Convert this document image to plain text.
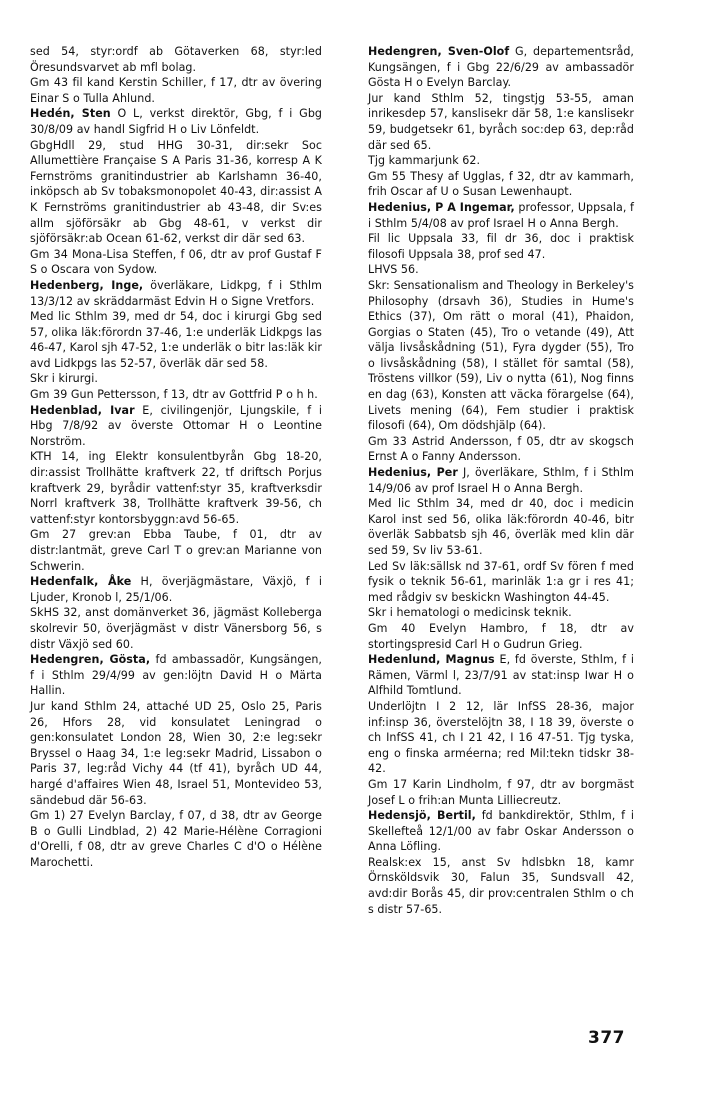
sed 54, styr:ordf ab Götaverken 68, styr:led Öresundsvarvet ab mfl bolag.

Gm 43 fil kand Kerstin Schiller, f 17, dtr av övering Einar S o Tulla Ahlund.

Hedén, Sten O L, verkst direktör, Gbg, f i Gbg 30/8/09 av handl Sigfrid H o Liv Lönfeldt.

GbgHdll 29, stud HHG 30-31, dir:sekr Soc Allumettière Française S A Paris 31-36, korresp A K Fernströms granitindustrier ab Karlshamn 36-40, inköpsch ab Sv tobaksmonopolet 40-43, dir:assist A K Fernströms granitindustrier ab 43-48, dir Sv:es allm sjöförsäkr ab Gbg 48-61, v verkst dir sjöförsäkr:ab Ocean 61-62, verkst dir där sed 63.

Gm 34 Mona-Lisa Steffen, f 06, dtr av prof Gustaf F S o Oscara von Sydow.

Hedenberg, Inge, överläkare, Lidkpg, f i Sthlm 13/3/12 av skräddarmäst Edvin H o Signe Vretfors.

Med lic Sthlm 39, med dr 54, doc i kirurgi Gbg sed 57, olika läk:förordn 37-46, 1:e underläk Lidkpgs las 46-47, Karol sjh 47-52, 1:e underläk o bitr las:läk kir avd Lidkpgs las 52-57, överläk där sed 58.

Skr i kirurgi.

Gm 39 Gun Pettersson, f 13, dtr av Gottfrid P o h h.

Hedenblad, Ivar E, civilingenjör, Ljungskile, f i Hbg 7/8/92 av överste Ottomar H o Leontine Norström.

KTH 14, ing Elektr konsulentbyrån Gbg 18-20, dir:assist Trollhätte kraftverk 22, tf driftsch Porjus kraftverk 29, byrådir vattenf:styr 35, kraftverksdir Norrl kraftverk 38, Trollhätte kraftverk 39-56, ch vattenf:styr kontorsbyggn:avd 56-65.

Gm 27 grev:an Ebba Taube, f 01, dtr av distr:lantmät, greve Carl T o grev:an Marianne von Schwerin.

Hedenfalk, Åke H, överjägmästare, Växjö, f i Ljuder, Kronob l, 25/1/06.

SkHS 32, anst domänverket 36, jägmäst Kolleberga skolrevir 50, överjägmäst v distr Vänersborg 56, s distr Växjö sed 60.

Hedengren, Gösta, fd ambassadör, Kungsängen, f i Sthlm 29/4/99 av gen:löjtn David H o Märta Hallin.

Jur kand Sthlm 24, attaché UD 25, Oslo 25, Paris 26, Hfors 28, vid konsulatet Leningrad o gen:konsulatet London 28, Wien 30, 2:e leg:sekr Bryssel o Haag 34, 1:e leg:sekr Madrid, Lissabon o Paris 37, leg:råd Vichy 44 (tf 41), byråch UD 44, hargé d'affaires Wien 48, Israel 51, Montevideo 53, sändebud där 56-63.

Gm 1) 27 Evelyn Barclay, f 07, d 38, dtr av George B o Gulli Lindblad, 2) 42 Marie-Hélène Corragioni d'Orelli, f 08, dtr av greve Charles C d'O o Hélène Marochetti.

Hedengren, Sven-Olof G, departementsråd, Kungsängen, f i Gbg 22/6/29 av ambassadör Gösta H o Evelyn Barclay.

Jur kand Sthlm 52, tingstjg 53-55, aman inrikesdep 57, kanslisekr där 58, 1:e kanslisekr 59, budgetsekr 61, byråch soc:dep 63, dep:råd där sed 65.

Tjg kammarjunk 62.

Gm 55 Thesy af Ugglas, f 32, dtr av kammarh, frih Oscar af U o Susan Lewenhaupt.

Hedenius, P A Ingemar, professor, Uppsala, f i Sthlm 5/4/08 av prof Israel H o Anna Bergh.

Fil lic Uppsala 33, fil dr 36, doc i praktisk filosofi Uppsala 38, prof sed 47.

LHVS 56.

Skr: Sensationalism and Theology in Berkeley's Philosophy (drsavh 36), Studies in Hume's Ethics (37), Om rätt o moral (41), Phaidon, Gorgias o Staten (45), Tro o vetande (49), Att välja livsåskådning (51), Fyra dygder (55), Tro o livsåskådning (58), I stället för samtal (58), Tröstens villkor (59), Liv o nytta (61), Nog finns en dag (63), Konsten att väcka förargelse (64), Livets mening (64), Fem studier i praktisk filosofi (64), Om dödshjälp (64).

Gm 33 Astrid Andersson, f 05, dtr av skogsch Ernst A o Fanny Andersson.

Hedenius, Per J, överläkare, Sthlm, f i Sthlm 14/9/06 av prof Israel H o Anna Bergh.

Med lic Sthlm 34, med dr 40, doc i medicin Karol inst sed 56, olika läk:förordn 40-46, bitr överläk Sabbatsb sjh 46, överläk med klin där sed 59, Sv liv 53-61.

Led Sv läk:sällsk nd 37-61, ordf Sv fören f med fysik o teknik 56-61, marinläk 1:a gr i res 41; med rådgiv sv beskickn Washington 44-45.

Skr i hematologi o medicinsk teknik.

Gm 40 Evelyn Hambro, f 18, dtr av stortingspresid Carl H o Gudrun Grieg.

Hedenlund, Magnus E, fd överste, Sthlm, f i Rämen, Värml l, 23/7/91 av stat:insp Iwar H o Alfhild Tomtlund.

Underlöjtn I 2 12, lär InfSS 28-36, major inf:insp 36, överstelöjtn 38, I 18 39, överste o ch InfSS 41, ch I 21 42, I 16 47-51. Tjg tyska, eng o finska arméerna; red Mil:tekn tidskr 38-42.

Gm 17 Karin Lindholm, f 97, dtr av borgmäst Josef L o frih:an Munta Lilliecreutz.

Hedensjö, Bertil, fd bankdirektör, Sthlm, f i Skellefteå 12/1/00 av fabr Oskar Andersson o Anna Löfling.

Realsk:ex 15, anst Sv hdlsbkn 18, kamr Örnsköldsvik 30, Falun 35, Sundsvall 42, avd:dir Borås 45, dir prov:centralen Sthlm o ch s distr 57-65.

377
